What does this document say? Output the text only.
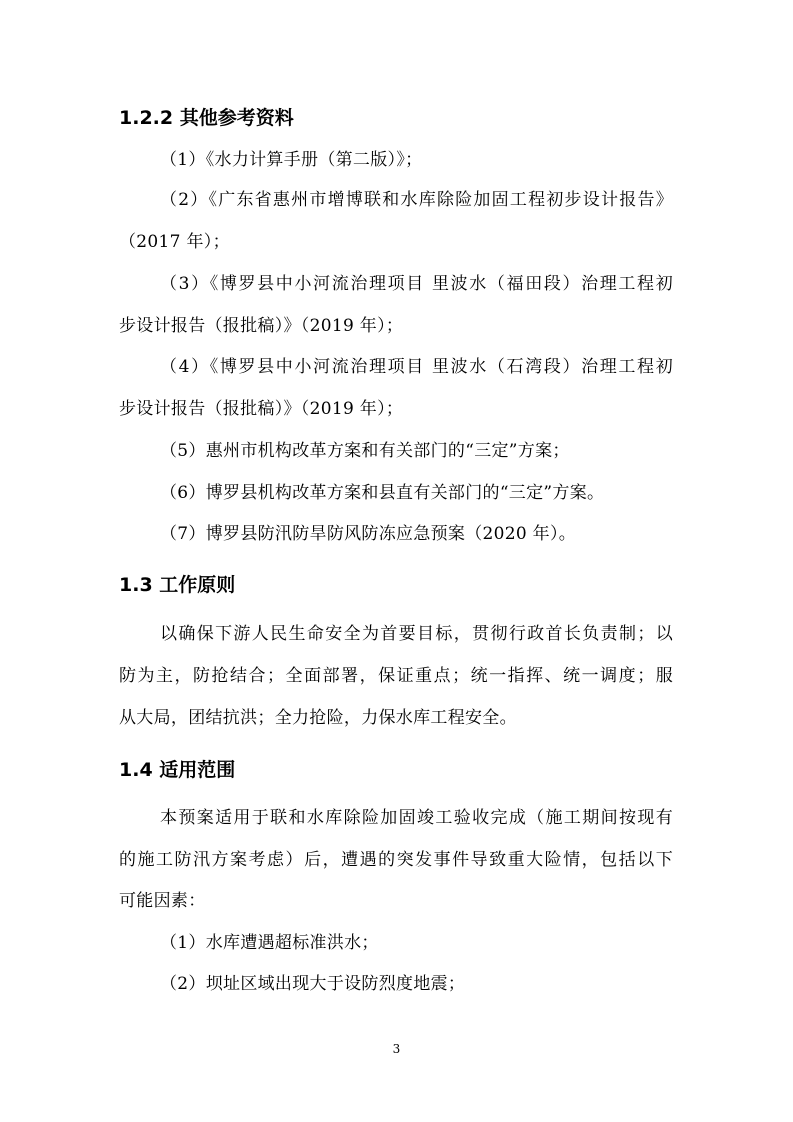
1.2.2 其他参考资料
（1）《水力计算手册（第二版）》；
（2）《广东省惠州市增博联和水库除险加固工程初步设计报告》
（2017 年）；
（3）《博罗县中小河流治理项目 里波水（福田段）治理工程初
步设计报告（报批稿）》（2019 年）；
（4）《博罗县中小河流治理项目 里波水（石湾段）治理工程初
步设计报告（报批稿）》（2019 年）；
（5）惠州市机构改革方案和有关部门的“三定”方案；
（6）博罗县机构改革方案和县直有关部门的“三定”方案。
（7）博罗县防汛防旱防风防冻应急预案（2020 年）。
1.3 工作原则
以确保下游人民生命安全为首要目标，贯彻行政首长负责制；以
防为主，防抢结合；全面部署，保证重点；统一指挥、统一调度；服
从大局，团结抗洪；全力抢险，力保水库工程安全。
1.4 适用范围
本预案适用于联和水库除险加固竣工验收完成（施工期间按现有
的施工防汛方案考虑）后，遭遇的突发事件导致重大险情，包括以下
可能因素：
（1）水库遭遇超标准洪水；
（2）坝址区域出现大于设防烈度地震；
3
